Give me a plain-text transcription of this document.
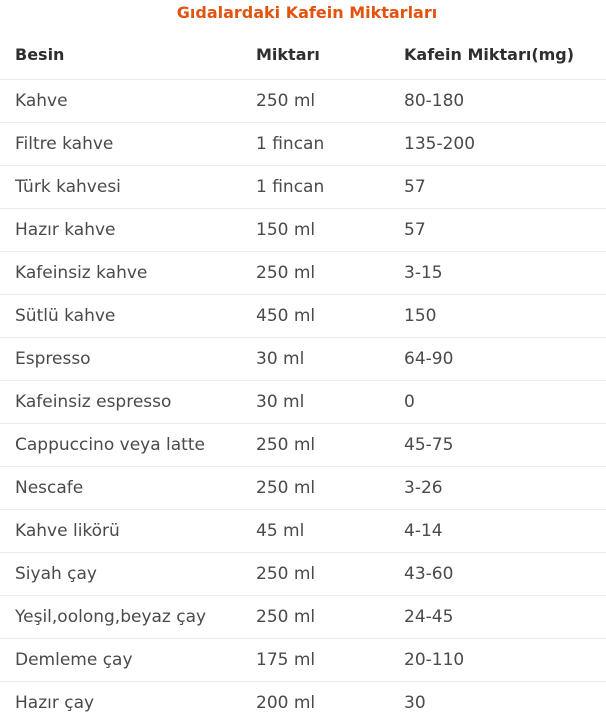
Gıdalardaki Kafein Miktarları
Besin	Miktarı	Kafein Miktarı(mg)
Kahve	250 ml	80-180
Filtre kahve	1 fincan	135-200
Türk kahvesi	1 fincan	57
Hazır kahve	150 ml	57
Kafeinsiz kahve	250 ml	3-15
Sütlü kahve	450 ml	150
Espresso	30 ml	64-90
Kafeinsiz espresso	30 ml	0
Cappuccino veya latte	250 ml	45-75
Nescafe	250 ml	3-26
Kahve likörü	45 ml	4-14
Siyah çay	250 ml	43-60
Yeşil,oolong,beyaz çay	250 ml	24-45
Demleme çay	175 ml	20-110
Hazır çay	200 ml	30
